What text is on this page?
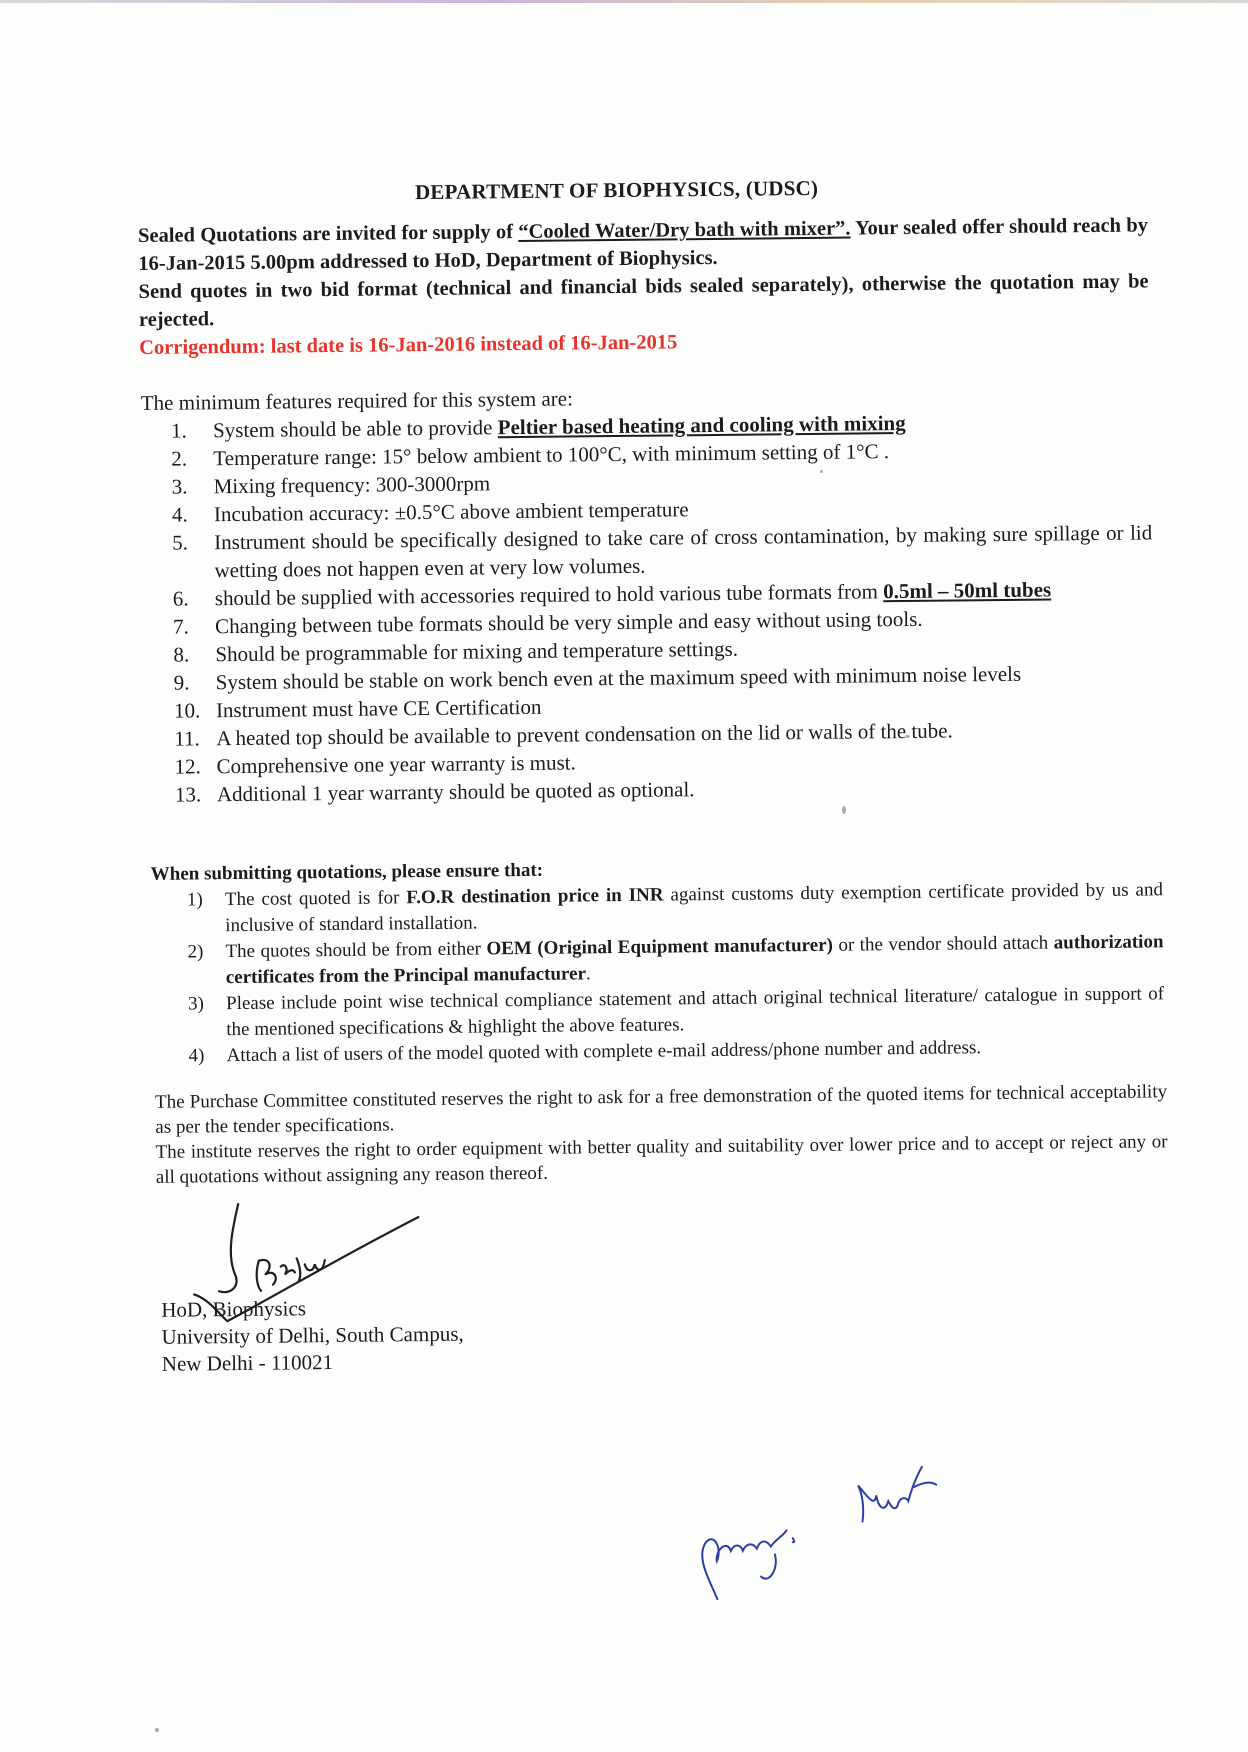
DEPARTMENT OF BIOPHYSICS, (UDSC)

Sealed Quotations are invited for supply of “Cooled Water/Dry bath with mixer”. Your sealed offer should reach by 16-Jan-2015 5.00pm addressed to HoD, Department of Biophysics.

Send quotes in two bid format (technical and financial bids sealed separately), otherwise the quotation may be rejected.

Corrigendum: last date is 16-Jan-2016 instead of 16-Jan-2015

The minimum features required for this system are:
1.	System should be able to provide Peltier based heating and cooling with mixing
2.	Temperature range: 15° below ambient to 100°C, with minimum setting of 1°C .
3.	Mixing frequency: 300-3000rpm
4.	Incubation accuracy: ±0.5°C above ambient temperature
5.	Instrument should be specifically designed to take care of cross contamination, by making sure spillage or lid wetting does not happen even at very low volumes.
6.	should be supplied with accessories required to hold various tube formats from 0.5ml – 50ml tubes
7.	Changing between tube formats should be very simple and easy without using tools.
8.	Should be programmable for mixing and temperature settings.
9.	System should be stable on work bench even at the maximum speed with minimum noise levels
10. Instrument must have CE Certification
11. A heated top should be available to prevent condensation on the lid or walls of the tube.
12. Comprehensive one year warranty is must.
13. Additional 1 year warranty should be quoted as optional.
When submitting quotations, please ensure that:
1) The cost quoted is for F.O.R destination price in INR against customs duty exemption certificate provided by us and inclusive of standard installation.
2) The quotes should be from either OEM (Original Equipment manufacturer) or the vendor should attach authorization certificates from the Principal manufacturer.
3) Please include point wise technical compliance statement and attach original technical literature/ catalogue in support of the mentioned specifications & highlight the above features.
4) Attach a list of users of the model quoted with complete e-mail address/phone number and address.

The Purchase Committee constituted reserves the right to ask for a free demonstration of the quoted items for technical acceptability as per the tender specifications.

The institute reserves the right to order equipment with better quality and suitability over lower price and to accept or reject any or all quotations without assigning any reason thereof.

HoD, Biophysics
University of Delhi, South Campus,
New Delhi - 110021
